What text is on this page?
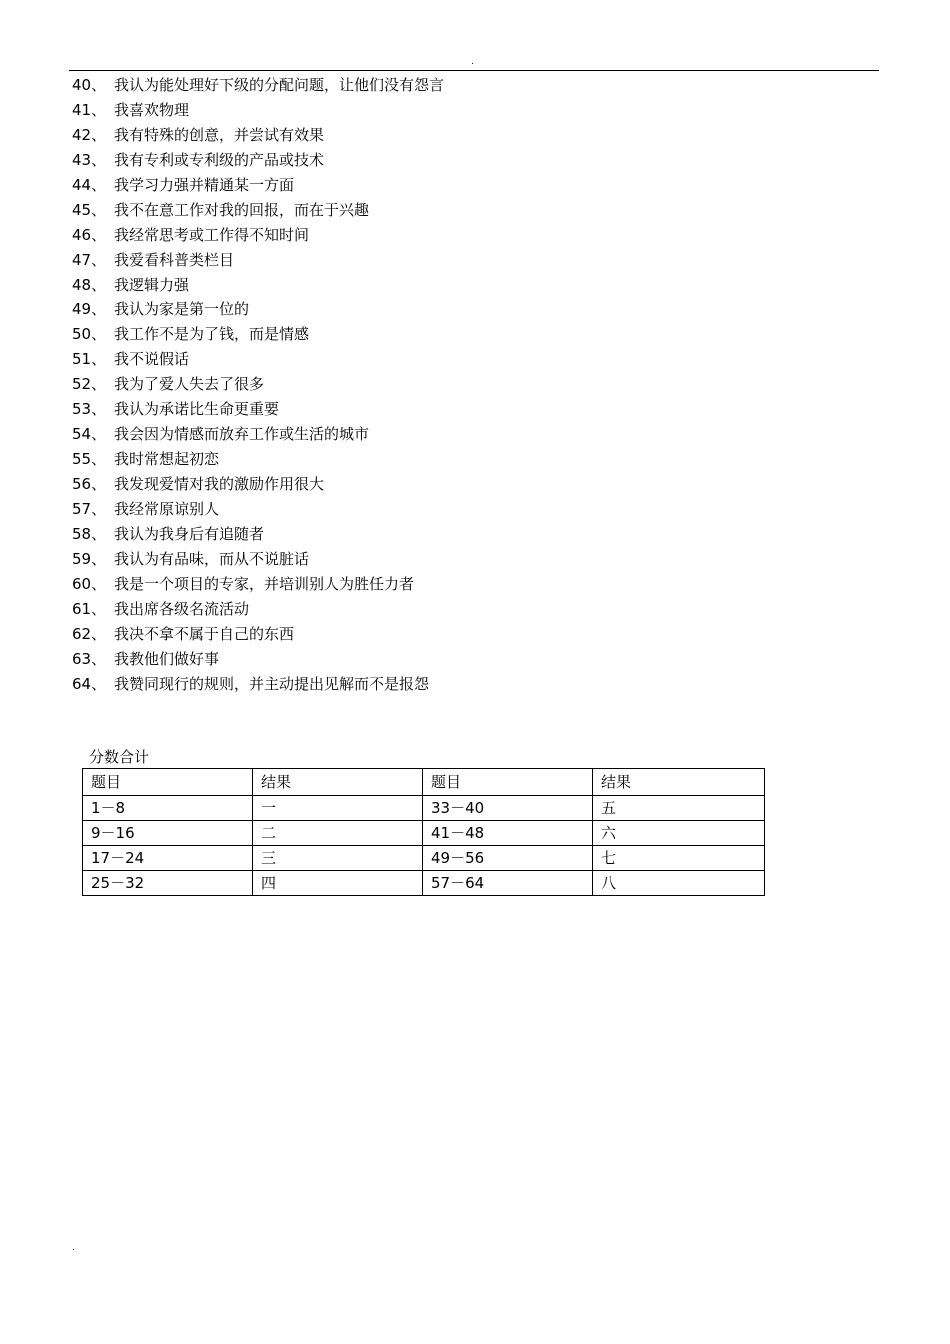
.
40、 我认为能处理好下级的分配问题，让他们没有怨言
41、 我喜欢物理
42、 我有特殊的创意，并尝试有效果
43、 我有专利或专利级的产品或技术
44、 我学习力强并精通某一方面
45、 我不在意工作对我的回报，而在于兴趣
46、 我经常思考或工作得不知时间
47、 我爱看科普类栏目
48、 我逻辑力强
49、 我认为家是第一位的
50、 我工作不是为了钱，而是情感
51、 我不说假话
52、 我为了爱人失去了很多
53、 我认为承诺比生命更重要
54、 我会因为情感而放弃工作或生活的城市
55、 我时常想起初恋
56、 我发现爱情对我的激励作用很大
57、 我经常原谅别人
58、 我认为我身后有追随者
59、 我认为有品味，而从不说脏话
60、 我是一个项目的专家，并培训别人为胜任力者
61、 我出席各级名流活动
62、 我决不拿不属于自己的东西
63、 我教他们做好事
64、 我赞同现行的规则，并主动提出见解而不是报怨
分数合计
题目	结果	题目	结果
1－8	一	33－40	五
9－16	二	41－48	六
17－24	三	49－56	七
25－32	四	57－64	八
.
